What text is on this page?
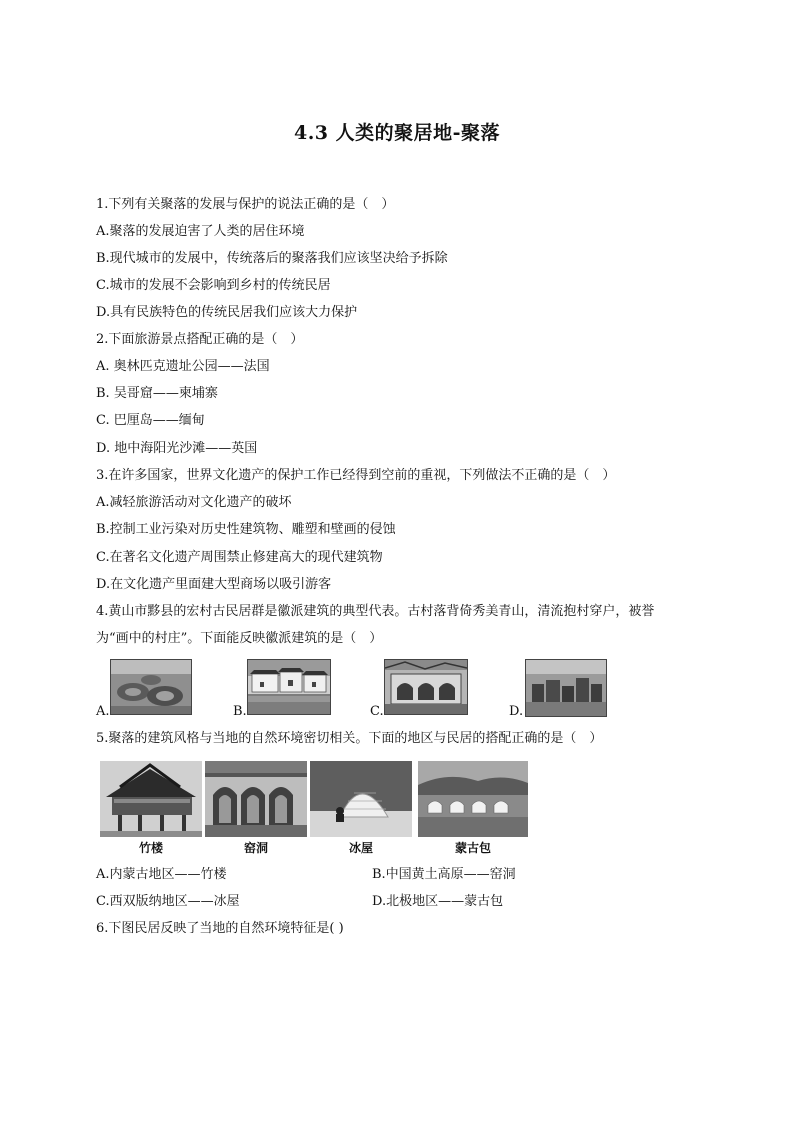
4.3 人类的聚居地-聚落
1.下列有关聚落的发展与保护的说法正确的是（　）
A.聚落的发展迫害了人类的居住环境
B.现代城市的发展中，传统落后的聚落我们应该坚决给予拆除
C.城市的发展不会影响到乡村的传统民居
D.具有民族特色的传统民居我们应该大力保护
2.下面旅游景点搭配正确的是（　）
A. 奥林匹克遗址公园——法国
B. 吴哥窟——柬埔寨
C. 巴厘岛——缅甸
D. 地中海阳光沙滩——英国
3.在许多国家，世界文化遗产的保护工作已经得到空前的重视，下列做法不正确的是（　）
A.减轻旅游活动对文化遗产的破坏
B.控制工业污染对历史性建筑物、雕塑和壁画的侵蚀
C.在著名文化遗产周围禁止修建高大的现代建筑物
D.在文化遗产里面建大型商场以吸引游客
4.黄山市黟县的宏村古民居群是徽派建筑的典型代表。古村落背倚秀美青山，清流抱村穿户，被誉
为“画中的村庄”。下面能反映徽派建筑的是（　）
A.	B.	C.	D.
5.聚落的建筑风格与当地的自然环境密切相关。下面的地区与民居的搭配正确的是（　）
竹楼	窑洞	冰屋	蒙古包
A.内蒙古地区——竹楼	B.中国黄土高原——窑洞
C.西双版纳地区——冰屋	D.北极地区——蒙古包
6.下图民居反映了当地的自然环境特征是( )
